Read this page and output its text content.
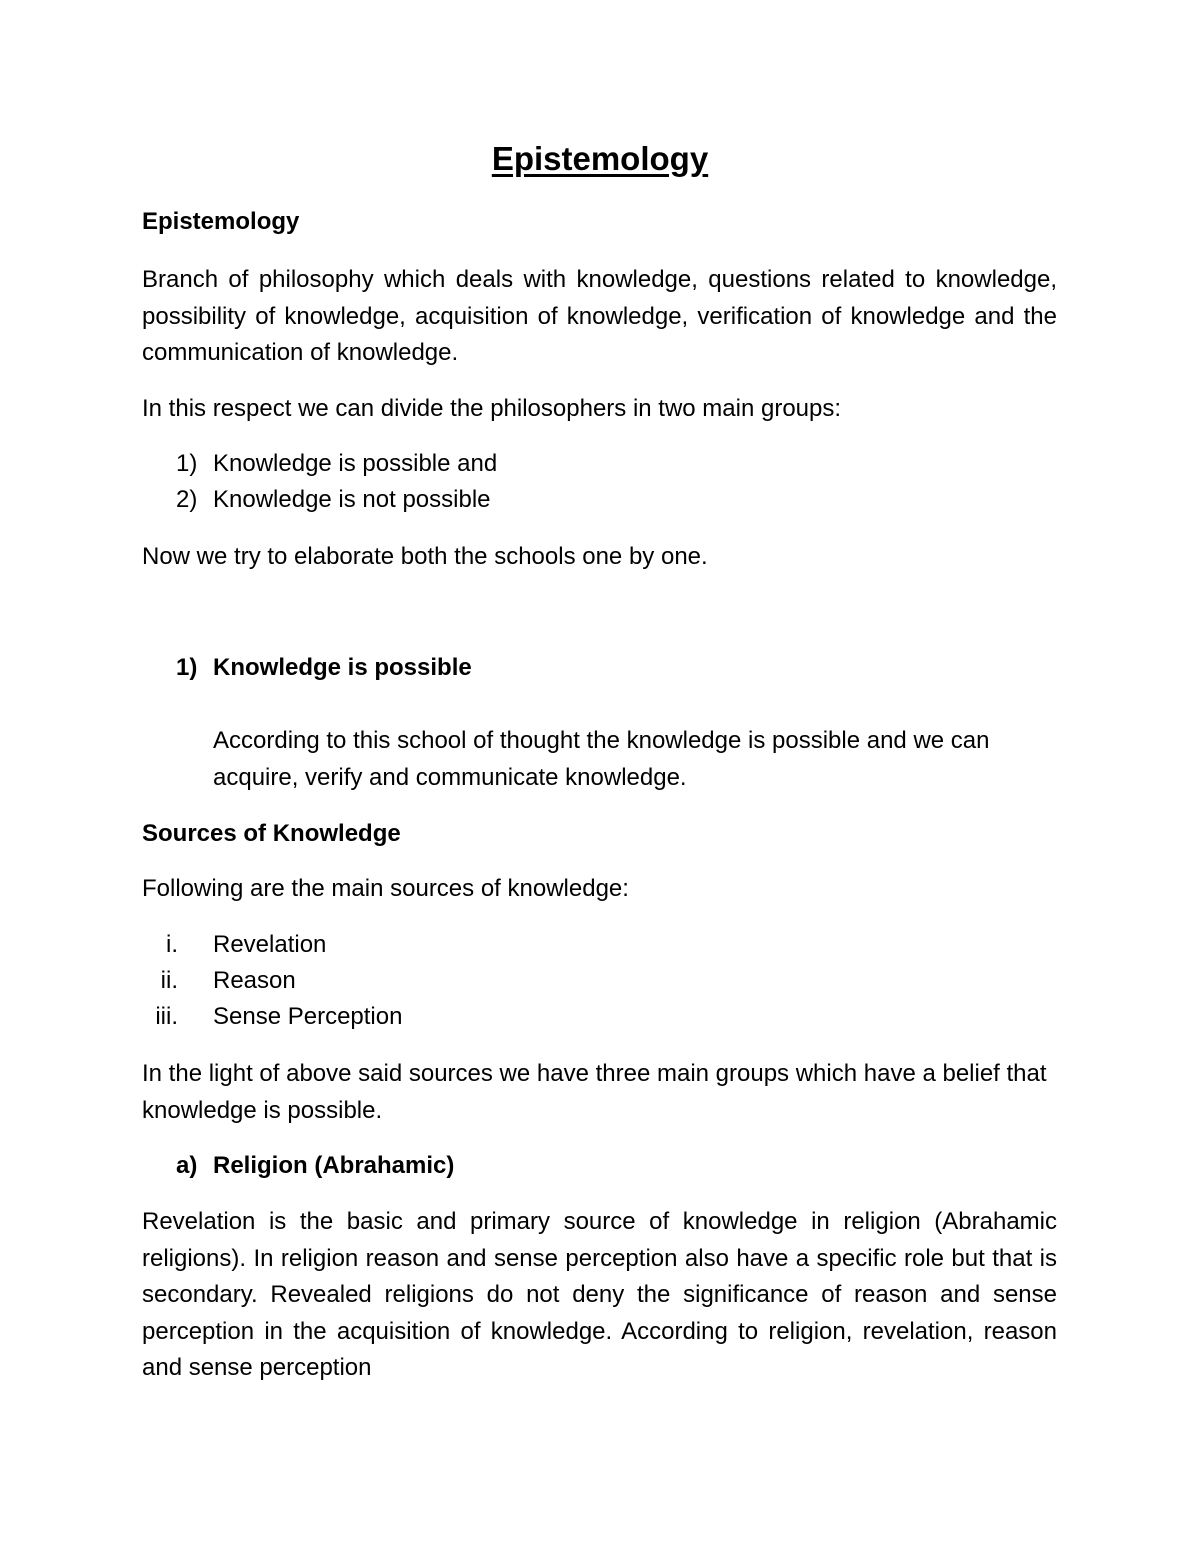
Epistemology
Epistemology
Branch of philosophy which deals with knowledge, questions related to knowledge, possibility of knowledge, acquisition of knowledge, verification of knowledge and the communication of knowledge.
In this respect we can divide the philosophers in two main groups:
1) Knowledge is possible and
2) Knowledge is not possible
Now we try to elaborate both the schools one by one.
1) Knowledge is possible
According to this school of thought the knowledge is possible and we can acquire, verify and communicate knowledge.
Sources of Knowledge
Following are the main sources of knowledge:
i. Revelation
ii. Reason
iii. Sense Perception
In the light of above said sources we have three main groups which have a belief that knowledge is possible.
a) Religion (Abrahamic)
Revelation is the basic and primary source of knowledge in religion (Abrahamic religions). In religion reason and sense perception also have a specific role but that is secondary. Revealed religions do not deny the significance of reason and sense perception in the acquisition of knowledge. According to religion, revelation, reason and sense perception
